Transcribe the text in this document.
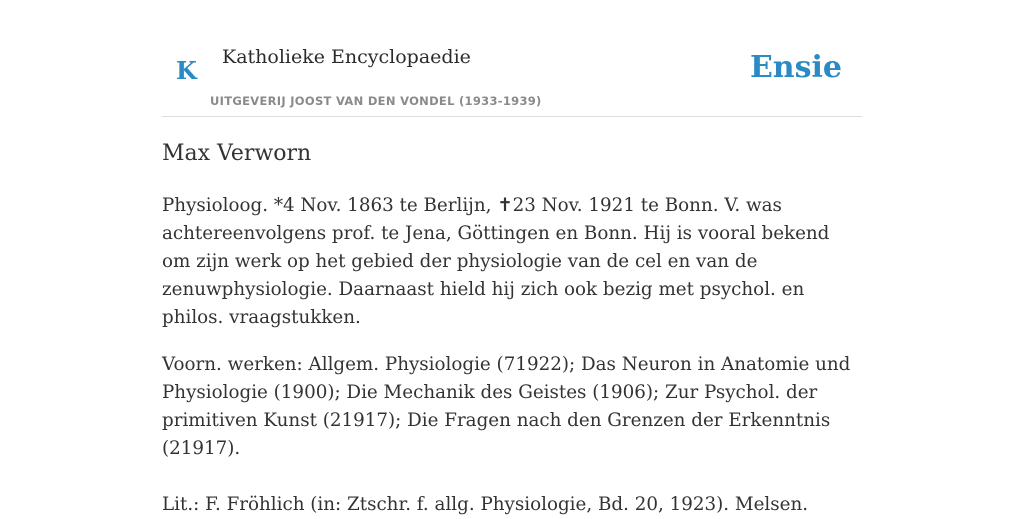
K Katholieke Encyclopaedie
UITGEVERIJ JOOST VAN DEN VONDEL (1933-1939)
Ensie
Max Verworn

Physioloog. *4 Nov. 1863 te Berlijn, ✝23 Nov. 1921 te Bonn. V. was achtereenvolgens prof. te Jena, Göttingen en Bonn. Hij is vooral bekend om zijn werk op het gebied der physiologie van de cel en van de zenuwphysiologie. Daarnaast hield hij zich ook bezig met psychol. en philos. vraagstukken.

Voorn. werken: Allgem. Physiologie (71922); Das Neuron in Anatomie und Physiologie (1900); Die Mechanik des Geistes (1906); Zur Psychol. der primitiven Kunst (21917); Die Fragen nach den Grenzen der Erkenntnis (21917).

Lit.: F. Fröhlich (in: Ztschr. f. allg. Physiologie, Bd. 20, 1923). Melsen.
